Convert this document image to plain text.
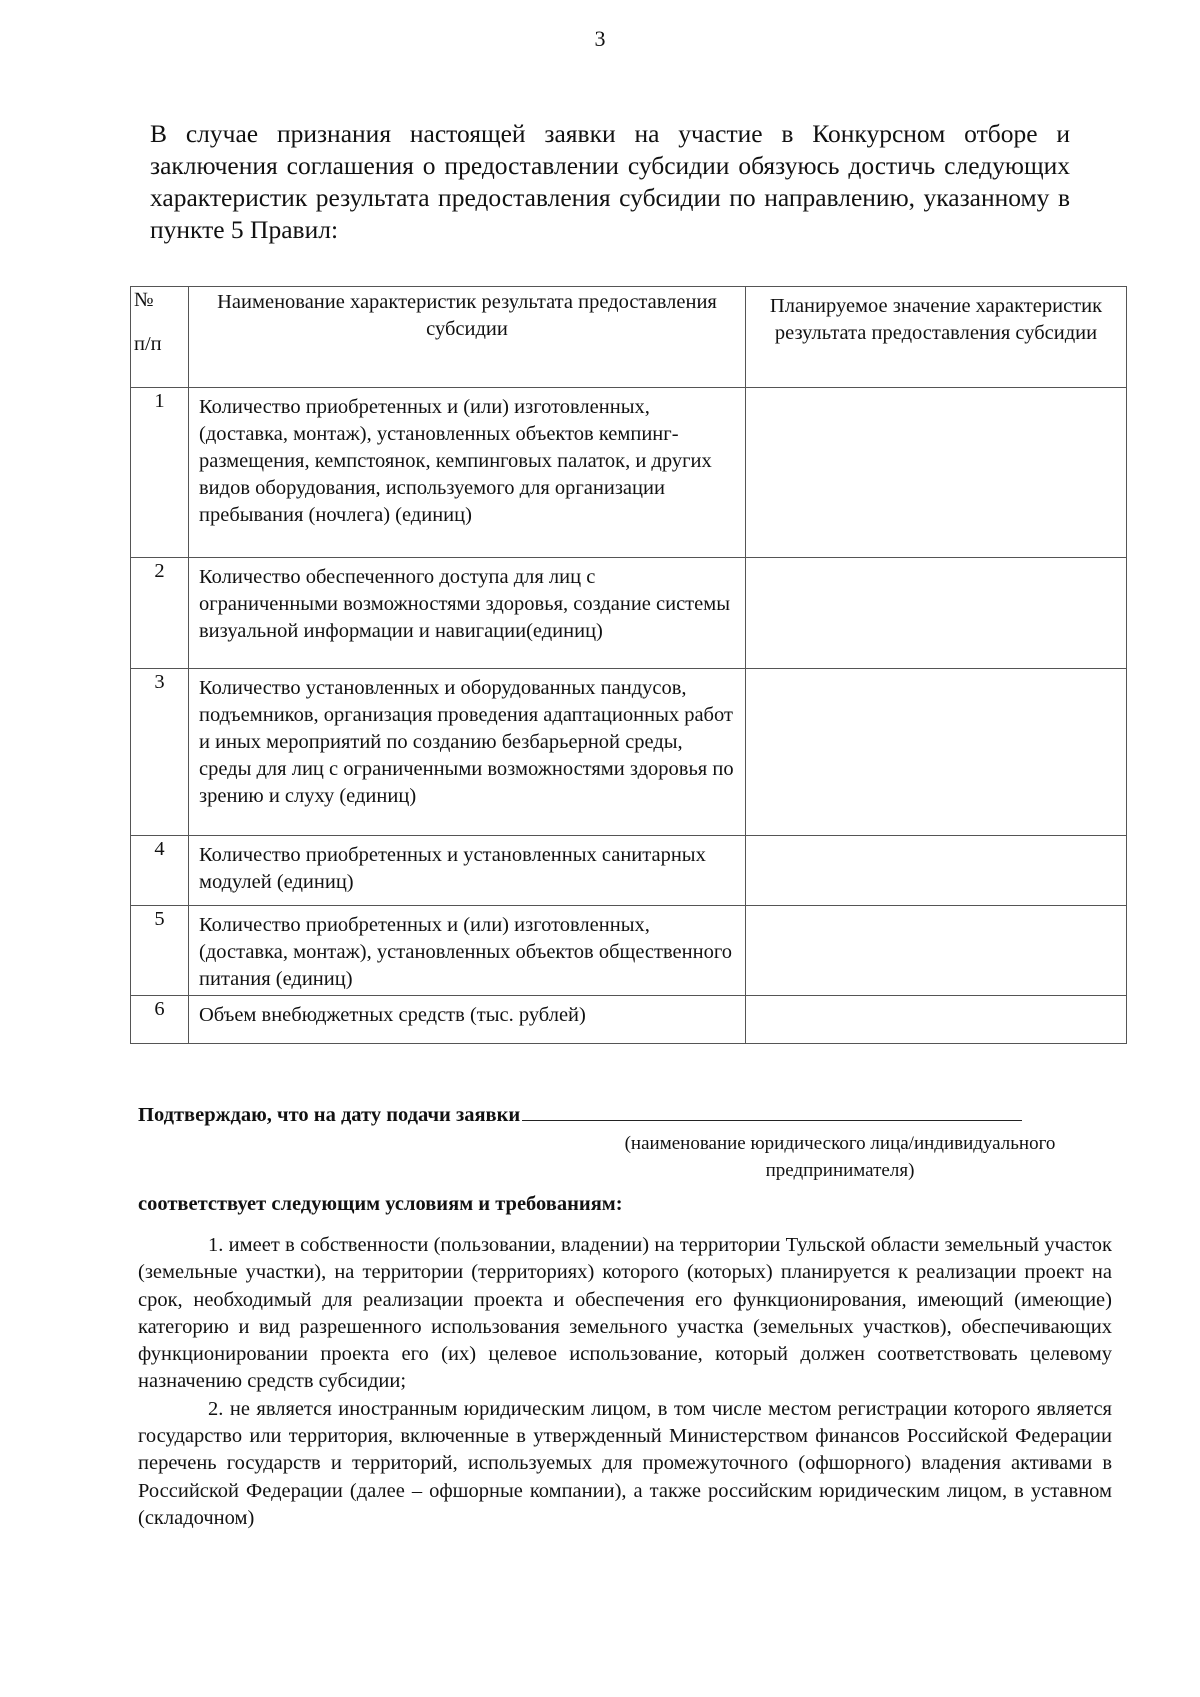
3

В случае признания настоящей заявки на участие в Конкурсном отборе и заключения соглашения о предоставлении субсидии обязуюсь достичь следующих характеристик результата предоставления субсидии по направлению, указанному в пункте 5 Правил:

№
п/п	Наименование характеристик результата предоставления субсидии	Планируемое значение характеристик результата предоставления субсидии
1	Количество приобретенных и (или) изготовленных, (доставка, монтаж), установленных объектов кемпинг- размещения, кемпстоянок, кемпинговых палаток, и других видов оборудования, используемого для организации пребывания (ночлега) (единиц)	
2	Количество обеспеченного доступа для лиц с ограниченными возможностями здоровья, создание системы визуальной информации и навигации(единиц)	
3	Количество установленных и оборудованных пандусов, подъемников, организация проведения адаптационных работ и иных мероприятий по созданию безбарьерной среды, среды для лиц с ограниченными возможностями здоровья по зрению и слуху (единиц)	
4	Количество приобретенных и установленных санитарных модулей (единиц)	
5	Количество приобретенных и (или) изготовленных, (доставка, монтаж), установленных объектов общественного питания (единиц)	
6	Объем внебюджетных средств (тыс. рублей)	
Подтверждаю, что на дату подачи заявки
(наименование юридического лица/индивидуального
предпринимателя)
соответствует следующим условиям и требованиям:

1. имеет в собственности (пользовании, владении) на территории Тульской области земельный участок (земельные участки), на территории (территориях) которого (которых) планируется к реализации проект на срок, необходимый для реализации проекта и обеспечения его функционирования, имеющий (имеющие) категорию и вид разрешенного использования земельного участка (земельных участков), обеспечивающих функционировании проекта его (их) целевое использование, который должен соответствовать целевому назначению средств субсидии;

2. не является иностранным юридическим лицом, в том числе местом регистрации которого является государство или территория, включенные в утвержденный Министерством финансов Российской Федерации перечень государств и территорий, используемых для промежуточного (офшорного) владения активами в Российской Федерации (далее – офшорные компании), а также российским юридическим лицом, в уставном (складочном)
